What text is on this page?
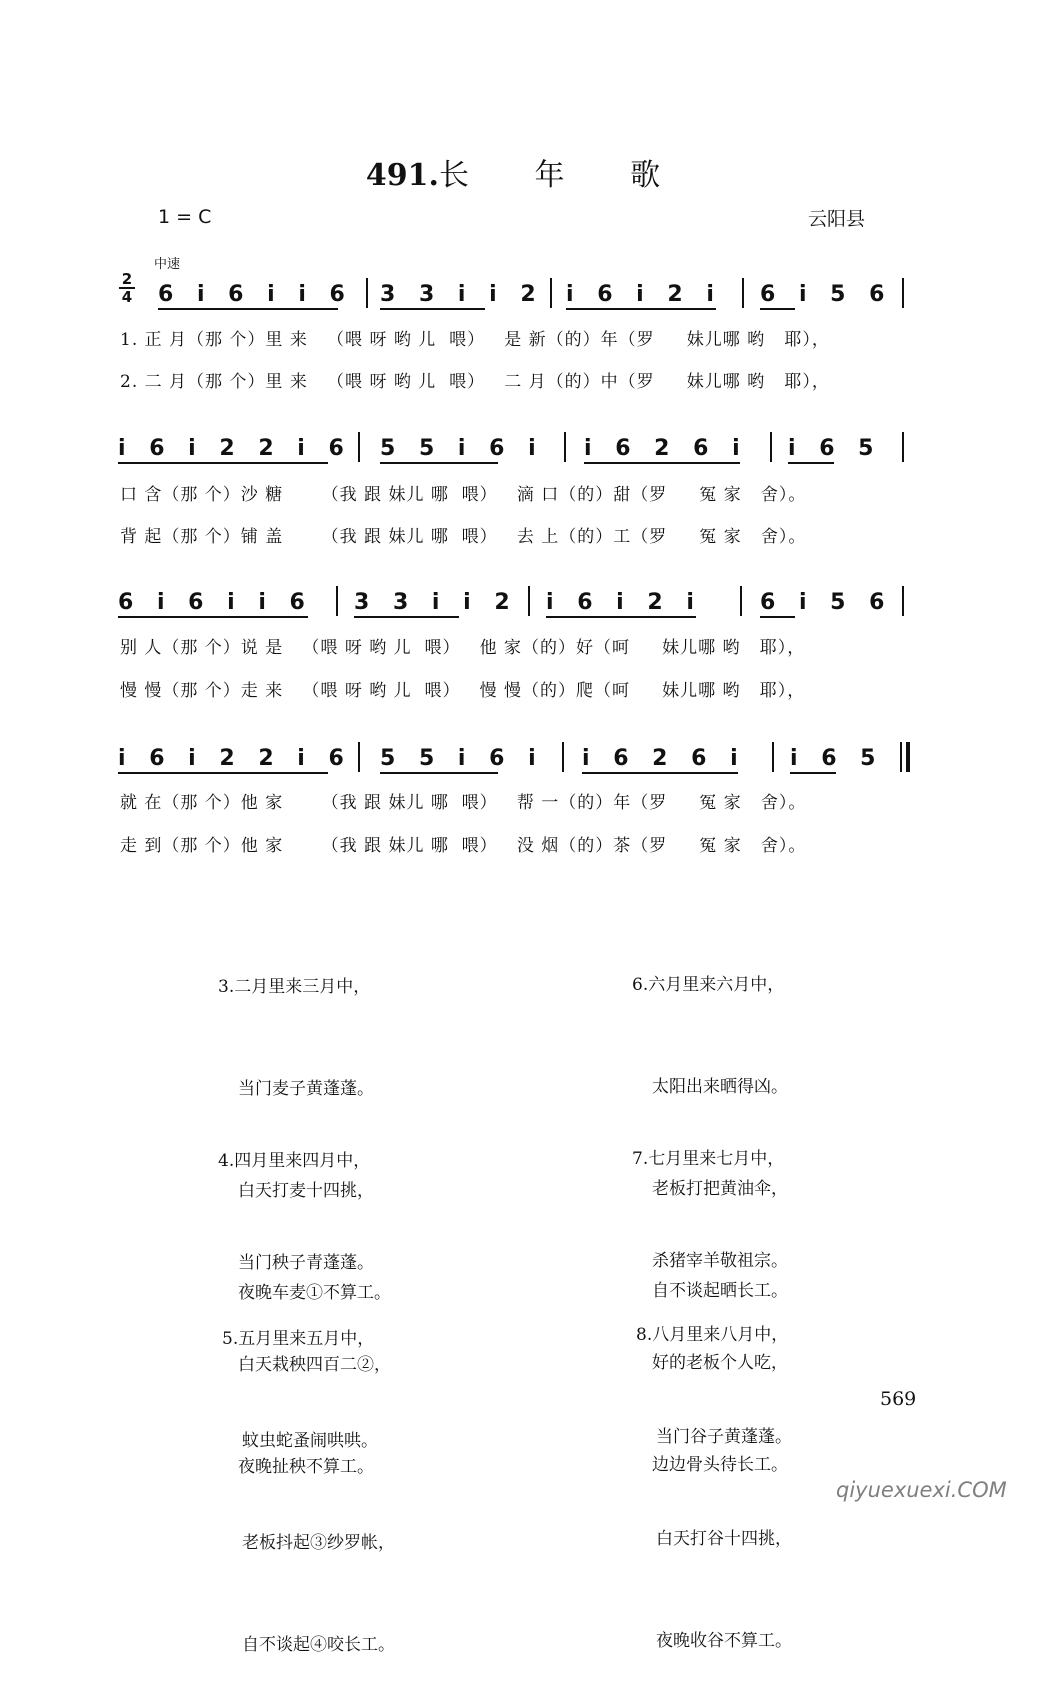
491.长 年 歌
1 = C	云阳县
中速
2
4 6 i 6 i i 6 3 3 i i 2 i 6 i 2 i 6 i 5 6
1. 正 月（那 个）里 来   （喂 呀 哟 儿  喂）   是 新（的）年（罗     妹儿哪 哟   耶），
2. 二 月（那 个）里 来   （喂 呀 哟 儿  喂）   二 月（的）中（罗     妹儿哪 哟   耶），
i 6 i 2 2 i 6 5 5 i 6 i i 6 2 6 i i 6 5
口 含（那 个）沙 糖      （我 跟 妹儿 哪  喂）   滴 口（的）甜（罗     冤 家   舍）。
背 起（那 个）铺 盖      （我 跟 妹儿 哪  喂）   去 上（的）工（罗     冤 家   舍）。
6 i 6 i i 6 3 3 i i 2 i 6 i 2 i	6 i 5 6
别 人（那 个）说 是   （喂 呀 哟 儿  喂）   他 家（的）好（呵     妹儿哪 哟   耶），
慢 慢（那 个）走 来   （喂 呀 哟 儿  喂）   慢 慢（的）爬（呵     妹儿哪 哟   耶），
i 6 i 2 2 i 6 5 5 i 6 i i 6 2 6 i i 6 5
就 在（那 个）他 家      （我 跟 妹儿 哪  喂）   帮 一（的）年（罗     冤 家   舍）。
走 到（那 个）他 家      （我 跟 妹儿 哪  喂）   没 烟（的）茶（罗     冤 家   舍）。

3.二月里来三月中，

当门麦子黄蓬蓬。

白天打麦十四挑，

夜晚车麦①不算工。

4.四月里来四月中，

当门秧子青蓬蓬。

白天栽秧四百二②，

夜晚扯秧不算工。

5.五月里来五月中，

蚊虫蛇蚤闹哄哄。

老板抖起③纱罗帐，

自不谈起④咬长工。

6.六月里来六月中，

太阳出来晒得凶。

老板打把黄油伞，

自不谈起晒长工。

7.七月里来七月中，

杀猪宰羊敬祖宗。

好的老板个人吃，

边边骨头待长工。

8.八月里来八月中，

当门谷子黄蓬蓬。

白天打谷十四挑，

夜晚收谷不算工。

569
qiyuexuexi.COM
